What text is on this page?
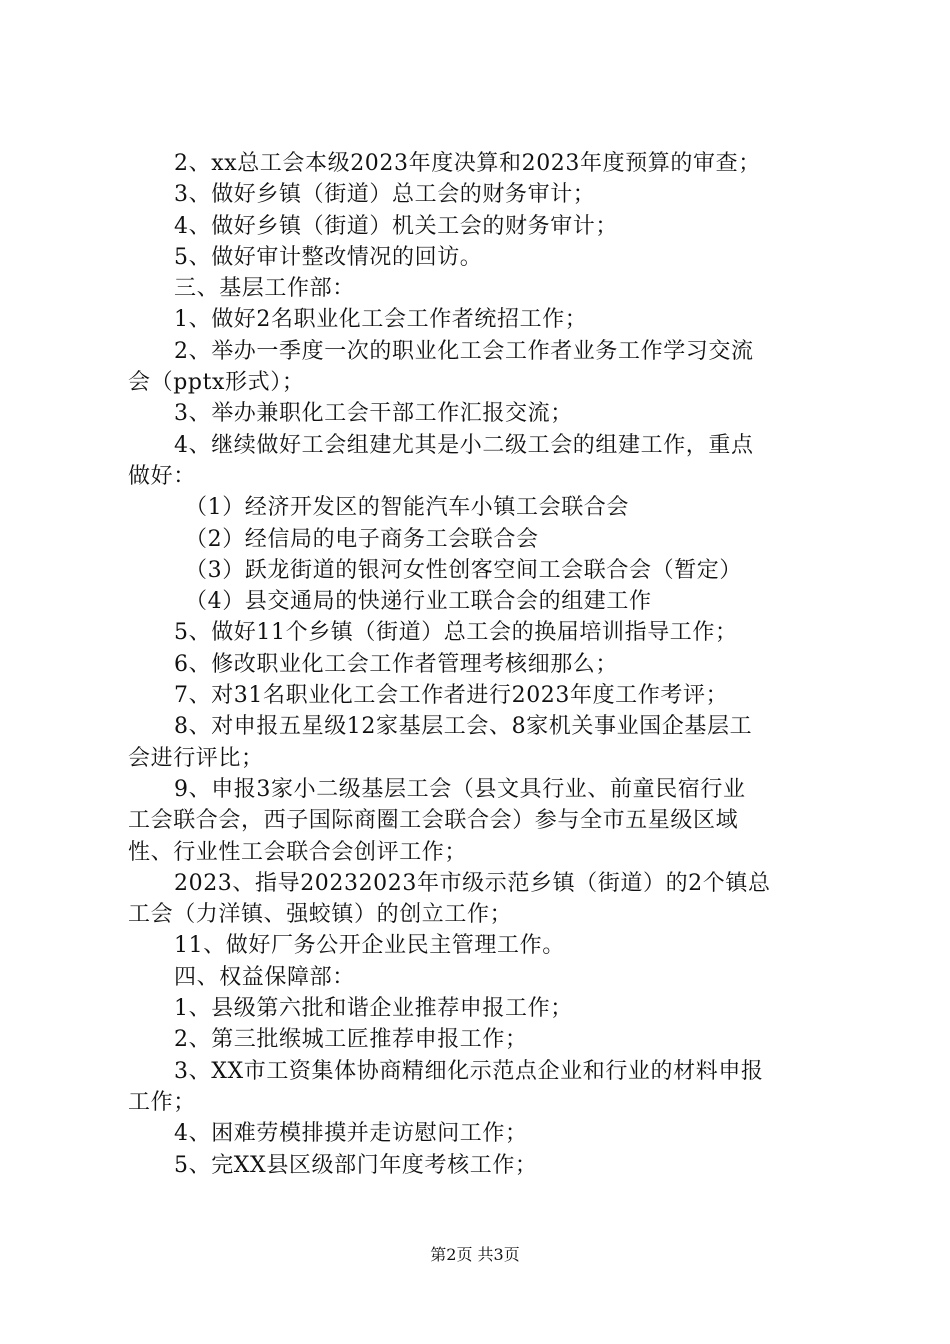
2、xx总工会本级2023年度决算和2023年度预算的审查；
3、做好乡镇（街道）总工会的财务审计；
4、做好乡镇（街道）机关工会的财务审计；
5、做好审计整改情况的回访。
三、基层工作部：
1、做好2名职业化工会工作者统招工作；
2、举办一季度一次的职业化工会工作者业务工作学习交流
会（pptx形式）；
3、举办兼职化工会干部工作汇报交流；
4、继续做好工会组建尤其是小二级工会的组建工作，重点
做好：
（1）经济开发区的智能汽车小镇工会联合会
（2）经信局的电子商务工会联合会
（3）跃龙街道的银河女性创客空间工会联合会（暂定）
（4）县交通局的快递行业工联合会的组建工作
5、做好11个乡镇（街道）总工会的换届培训指导工作；
6、修改职业化工会工作者管理考核细那么；
7、对31名职业化工会工作者进行2023年度工作考评；
8、对申报五星级12家基层工会、8家机关事业国企基层工
会进行评比；
9、申报3家小二级基层工会（县文具行业、前童民宿行业
工会联合会，西子国际商圈工会联合会）参与全市五星级区域
性、行业性工会联合会创评工作；
2023、指导20232023年市级示范乡镇（街道）的2个镇总
工会（力洋镇、强蛟镇）的创立工作；
11、做好厂务公开企业民主管理工作。
四、权益保障部：
1、县级第六批和谐企业推荐申报工作；
2、第三批缑城工匠推荐申报工作；
3、XX市工资集体协商精细化示范点企业和行业的材料申报
工作；
4、困难劳模排摸并走访慰问工作；
5、完XX县区级部门年度考核工作；
第2页 共3页
